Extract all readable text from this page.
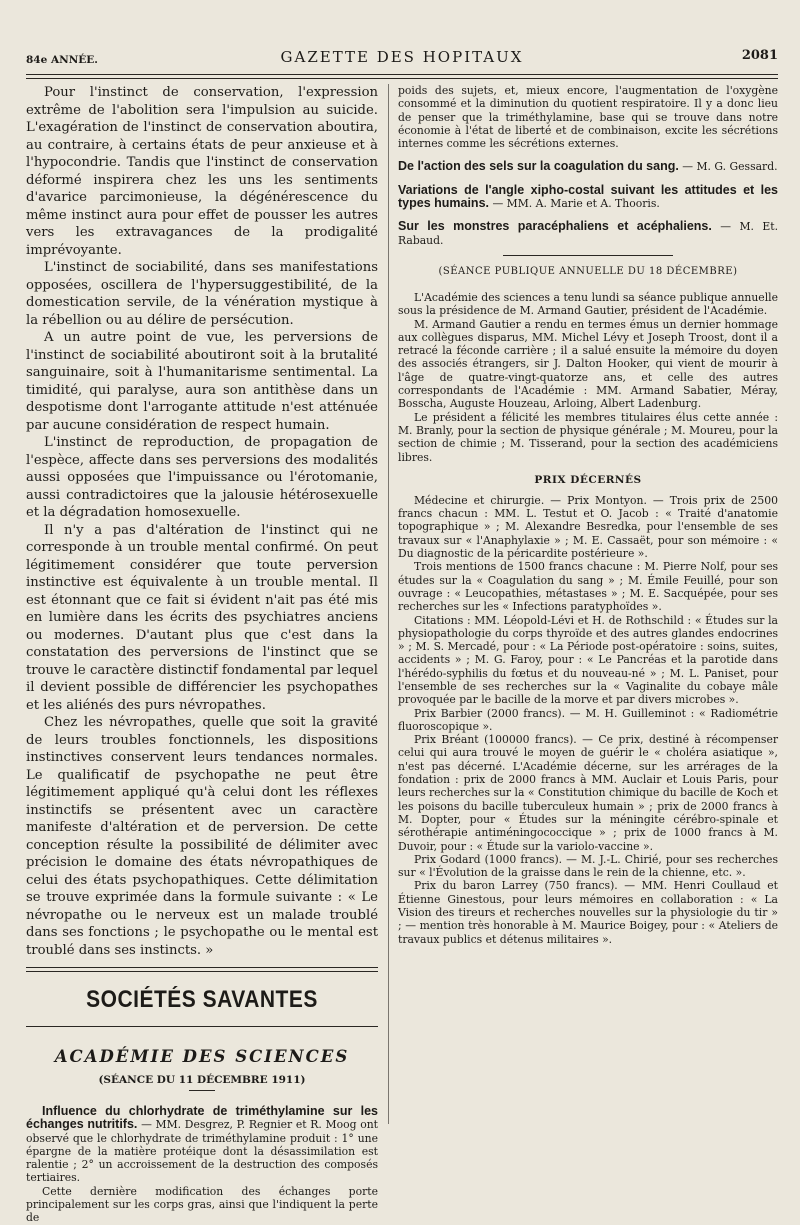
84e ANNÉE.	GAZETTE DES HOPITAUX	2081

Pour l'instinct de conservation, l'expression extrême de l'abolition sera l'impulsion au suicide. L'exagération de l'instinct de conservation aboutira, au contraire, à certains états de peur anxieuse et à l'hypocondrie. Tandis que l'instinct de conservation déformé inspirera chez les uns les sentiments d'avarice parcimonieuse, la dégénérescence du même instinct aura pour effet de pousser les autres vers les extravagances de la prodigalité imprévoyante.

L'instinct de sociabilité, dans ses manifestations opposées, oscillera de l'hypersuggestibilité, de la domestication servile, de la vénération mystique à la rébellion ou au délire de persécution.

A un autre point de vue, les perversions de l'instinct de sociabilité aboutiront soit à la brutalité sanguinaire, soit à l'humanitarisme sentimental. La timidité, qui paralyse, aura son antithèse dans un despotisme dont l'arrogante attitude n'est atténuée par aucune considération de respect humain.

L'instinct de reproduction, de propagation de l'espèce, affecte dans ses perversions des modalités aussi opposées que l'impuissance ou l'érotomanie, aussi contradictoires que la jalousie hétérosexuelle et la dégradation homosexuelle.

Il n'y a pas d'altération de l'instinct qui ne corresponde à un trouble mental confirmé. On peut légitimement considérer que toute perversion instinctive est équivalente à un trouble mental. Il est étonnant que ce fait si évident n'ait pas été mis en lumière dans les écrits des psychiatres anciens ou modernes. D'autant plus que c'est dans la constatation des perversions de l'instinct que se trouve le caractère distinctif fondamental par lequel il devient possible de différencier les psychopathes et les aliénés des purs névropathes.

Chez les névropathes, quelle que soit la gravité de leurs troubles fonctionnels, les dispositions instinctives conservent leurs tendances normales. Le qualificatif de psychopathe ne peut être légitimement appliqué qu'à celui dont les réflexes instinctifs se présentent avec un caractère manifeste d'altération et de perversion. De cette conception résulte la possibilité de délimiter avec précision le domaine des états névropathiques de celui des états psychopathiques. Cette délimitation se trouve exprimée dans la formule suivante : « Le névropathe ou le nerveux est un malade troublé dans ses fonctions ; le psychopathe ou le mental est troublé dans ses instincts. »

SOCIÉTÉS SAVANTES
ACADÉMIE DES SCIENCES
(SÉANCE DU 11 DÉCEMBRE 1911)

Influence du chlorhydrate de triméthylamine sur les échanges nutritifs. — MM. Desgrez, P. Regnier et R. Moog ont observé que le chlorhydrate de triméthylamine produit : 1° une épargne de la matière protéique dont la désassimilation est ralentie ; 2° un accroissement de la destruction des composés tertiaires.

Cette dernière modification des échanges porte principalement sur les corps gras, ainsi que l'indiquent la perte de

poids des sujets, et, mieux encore, l'augmentation de l'oxygène consommé et la diminution du quotient respiratoire. Il y a donc lieu de penser que la triméthylamine, base qui se trouve dans notre économie à l'état de liberté et de combinaison, excite les sécrétions internes comme les sécrétions externes.

De l'action des sels sur la coagulation du sang. — M. G. Gessard.

Variations de l'angle xipho-costal suivant les attitudes et les types humains. — MM. A. Marie et A. Thooris.

Sur les monstres paracéphaliens et acéphaliens. — M. Et. Rabaud.

(SÉANCE PUBLIQUE ANNUELLE DU 18 DÉCEMBRE)

L'Académie des sciences a tenu lundi sa séance publique annuelle sous la présidence de M. Armand Gautier, président de l'Académie.

M. Armand Gautier a rendu en termes émus un dernier hommage aux collègues disparus, MM. Michel Lévy et Joseph Troost, dont il a retracé la féconde carrière ; il a salué ensuite la mémoire du doyen des associés étrangers, sir J. Dalton Hooker, qui vient de mourir à l'âge de quatre-vingt-quatorze ans, et celle des autres correspondants de l'Académie : MM. Armand Sabatier, Méray, Bosscha, Auguste Houzeau, Arloing, Albert Ladenburg.

Le président a félicité les membres titulaires élus cette année : M. Branly, pour la section de physique générale ; M. Moureu, pour la section de chimie ; M. Tisserand, pour la section des académiciens libres.

PRIX DÉCERNÉS

Médecine et chirurgie. — Prix Montyon. — Trois prix de 2500 francs chacun : MM. L. Testut et O. Jacob : « Traité d'anatomie topographique » ; M. Alexandre Besredka, pour l'ensemble de ses travaux sur « l'Anaphylaxie » ; M. E. Cassaët, pour son mémoire : « Du diagnostic de la péricardite postérieure ».

Trois mentions de 1500 francs chacune : M. Pierre Nolf, pour ses études sur la « Coagulation du sang » ; M. Émile Feuillé, pour son ouvrage : « Leucopathies, métastases » ; M. E. Sacquépée, pour ses recherches sur les « Infections paratyphoïdes ».

Citations : MM. Léopold-Lévi et H. de Rothschild : « Études sur la physiopathologie du corps thyroïde et des autres glandes endocrines » ; M. S. Mercadé, pour : « La Période post-opératoire : soins, suites, accidents » ; M. G. Faroy, pour : « Le Pancréas et la parotide dans l'hérédo-syphilis du fœtus et du nouveau-né » ; M. L. Paniset, pour l'ensemble de ses recherches sur la « Vaginalite du cobaye mâle provoquée par le bacille de la morve et par divers microbes ».

Prix Barbier (2000 francs). — M. H. Guilleminot : « Radiométrie fluoroscopique ».

Prix Bréant (100000 francs). — Ce prix, destiné à récompenser celui qui aura trouvé le moyen de guérir le « choléra asiatique », n'est pas décerné. L'Académie décerne, sur les arrérages de la fondation : prix de 2000 francs à MM. Auclair et Louis Paris, pour leurs recherches sur la « Constitution chimique du bacille de Koch et les poisons du bacille tuberculeux humain » ; prix de 2000 francs à M. Dopter, pour « Études sur la méningite cérébro-spinale et sérothérapie antiméningococcique » ; prix de 1000 francs à M. Duvoir, pour : « Étude sur la variolo-vaccine ».

Prix Godard (1000 francs). — M. J.-L. Chirié, pour ses recherches sur « l'Évolution de la graisse dans le rein de la chienne, etc. ».

Prix du baron Larrey (750 francs). — MM. Henri Coullaud et Étienne Ginestous, pour leurs mémoires en collaboration : « La Vision des tireurs et recherches nouvelles sur la physiologie du tir » ; — mention très honorable à M. Maurice Boigey, pour : « Ateliers de travaux publics et détenus militaires ».
